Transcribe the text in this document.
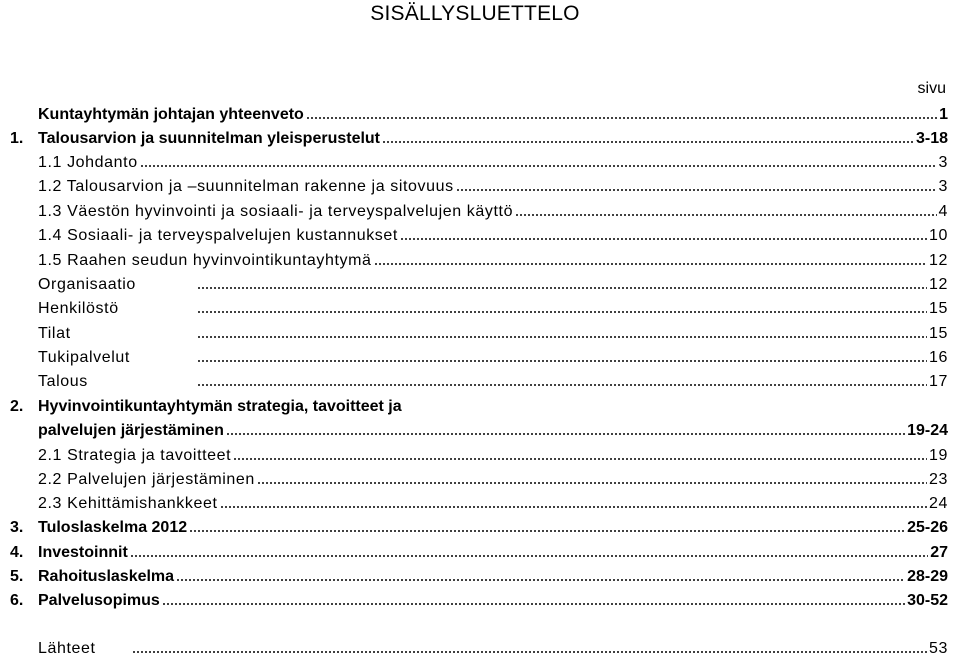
SISÄLLYSLUETTELO
sivu
Kuntayhtymän johtajan yhteenveto	1
1. Talousarvion ja suunnitelman yleisperustelut	3-18
1.1 Johdanto	3
1.2 Talousarvion ja –suunnitelman rakenne ja sitovuus	3
1.3 Väestön hyvinvointi ja sosiaali- ja terveyspalvelujen käyttö	4
1.4 Sosiaali- ja terveyspalvelujen kustannukset	10
1.5 Raahen seudun hyvinvointikuntayhtymä	12
Organisaatio	12
Henkilöstö	15
Tilat	15
Tukipalvelut	16
Talous	17
2. Hyvinvointikuntayhtymän strategia, tavoitteet ja
palvelujen järjestäminen	19-24
2.1 Strategia ja tavoitteet	19
2.2 Palvelujen järjestäminen	23
2.3 Kehittämishankkeet	24
3. Tuloslaskelma 2012	25-26
4. Investoinnit	27
5. Rahoituslaskelma	28-29
6. Palvelusopimus	30-52
Lähteet	53
